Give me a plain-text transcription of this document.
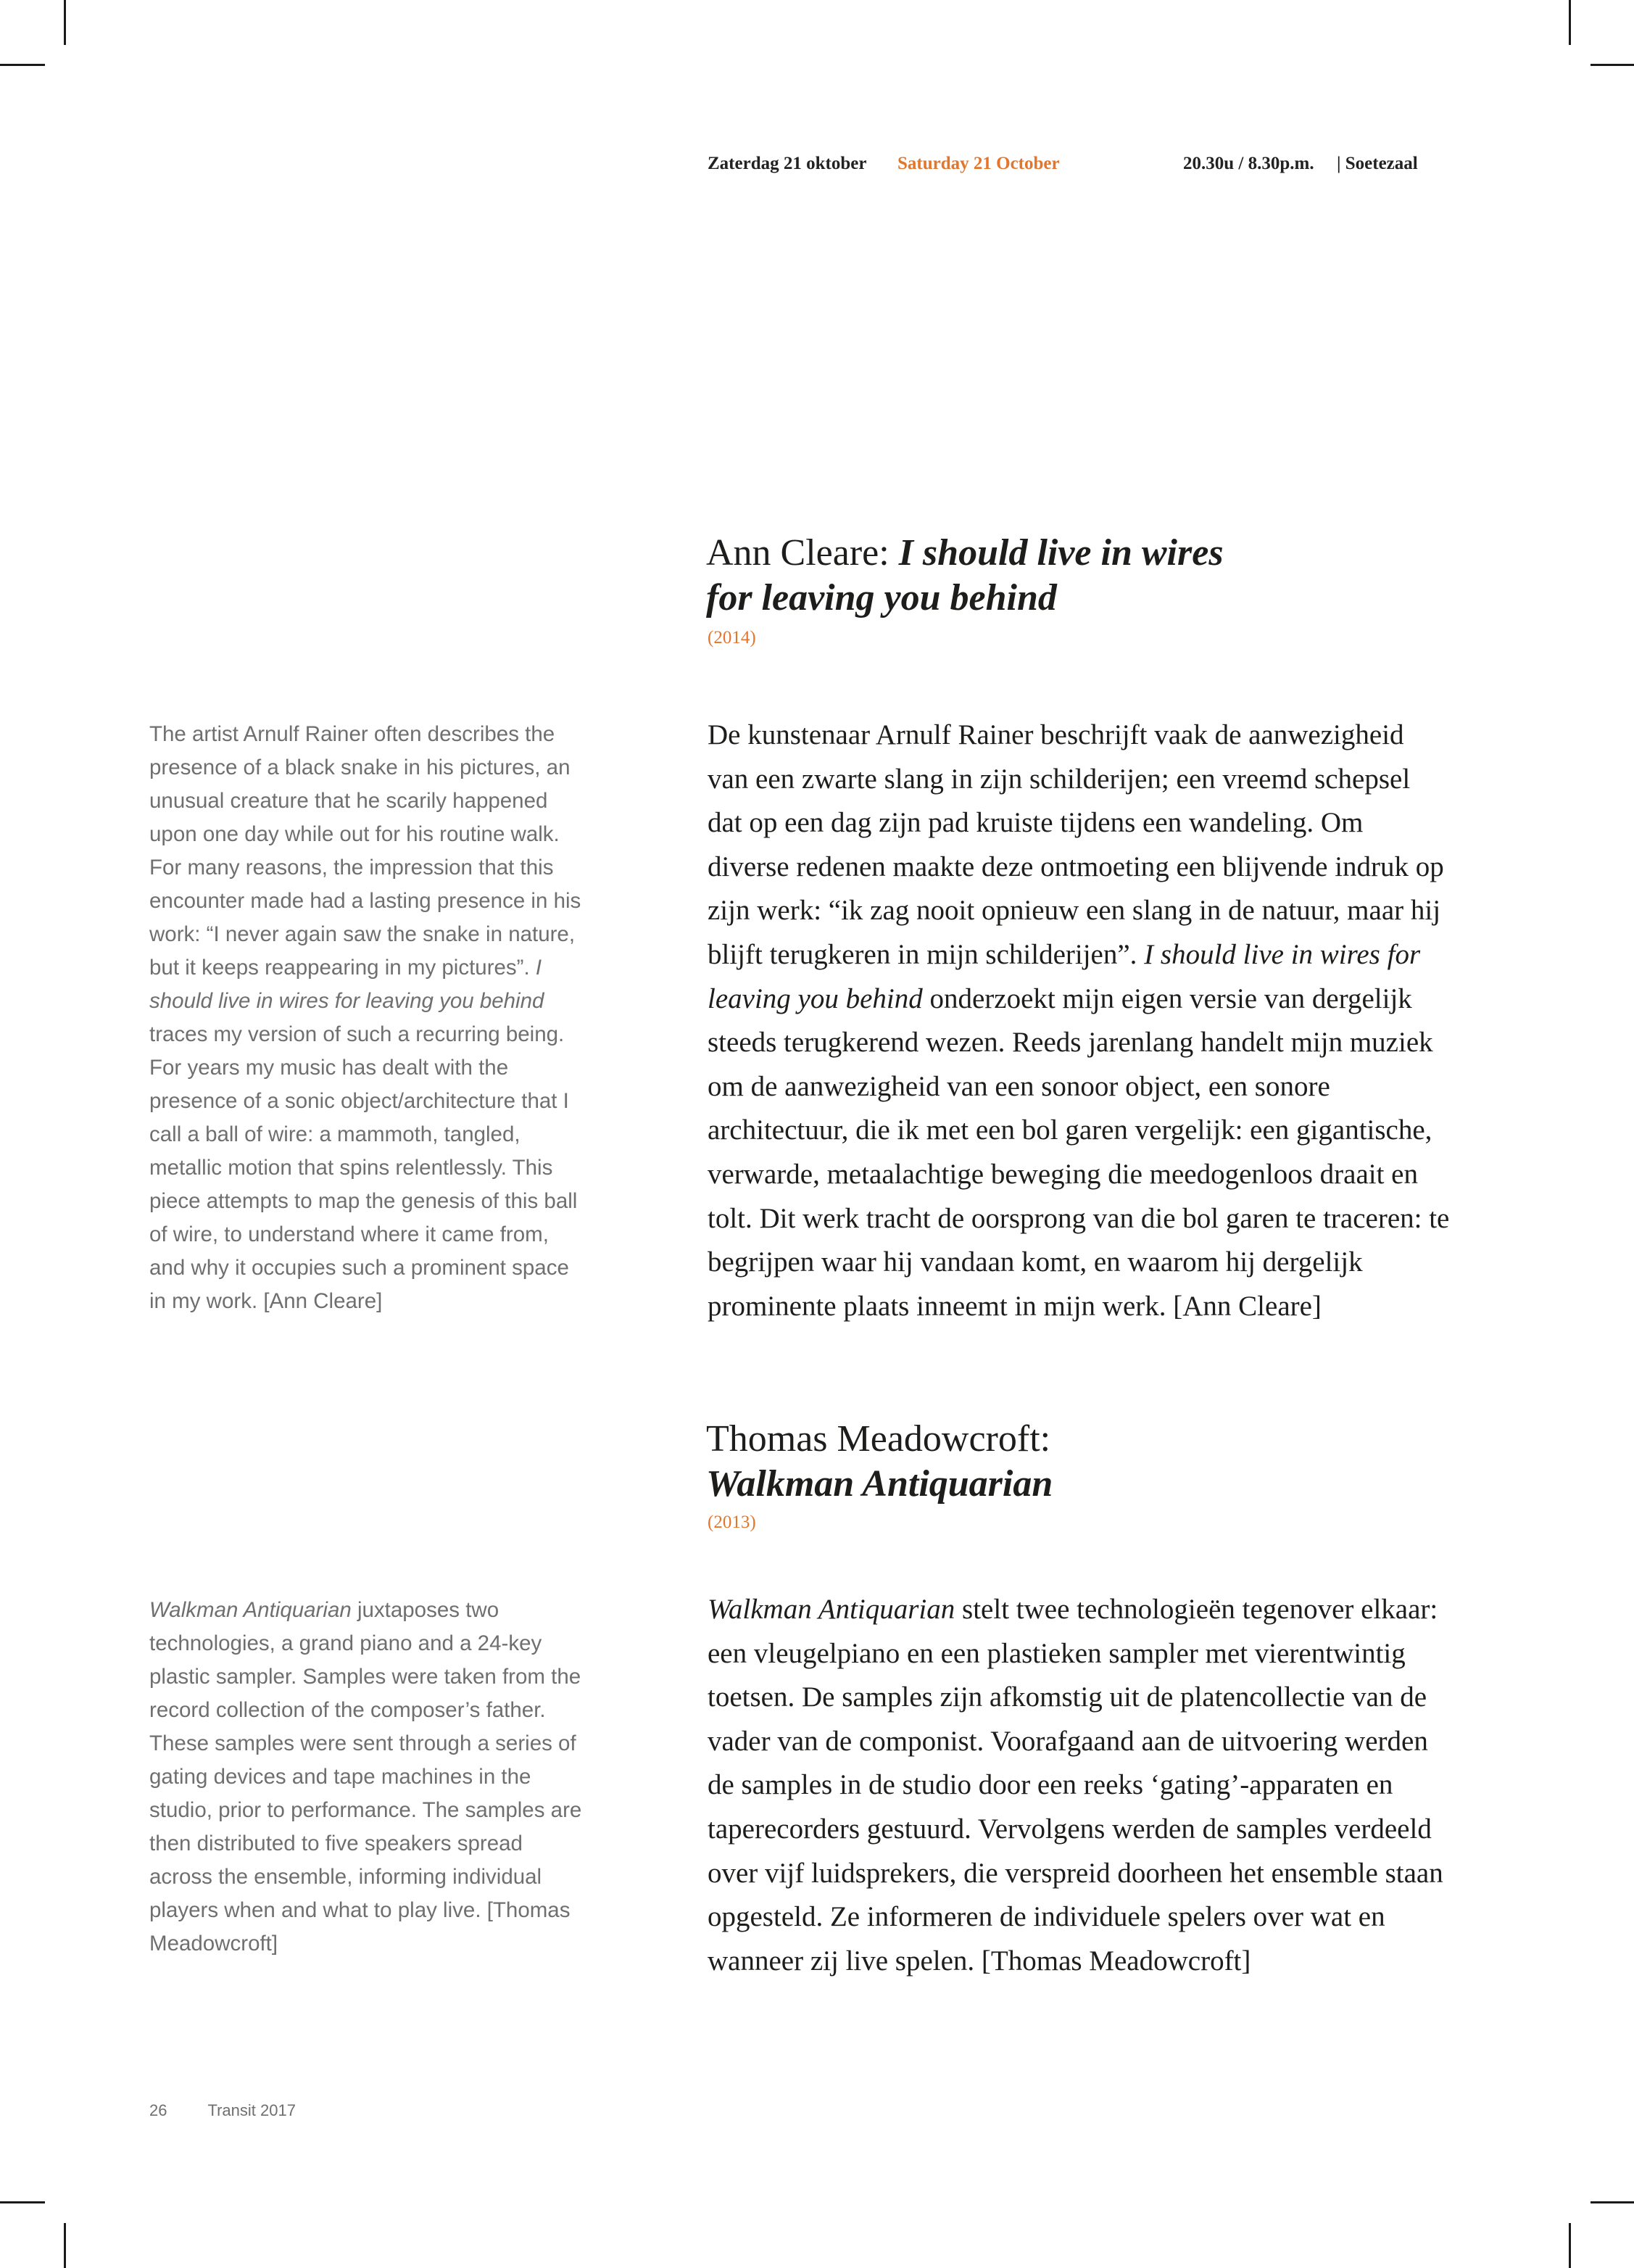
Zaterdag 21 oktober Saturday 21 October	20.30u / 8.30p.m. | Soetezaal
Ann Cleare: I should live in wires
for leaving you behind
(2014)
The artist Arnulf Rainer often describes the presence of a black snake in his pictures, an unusual creature that he scarily happened upon one day while out for his routine walk. For many reasons, the impression that this encounter made had a lasting presence in his work: “I never again saw the snake in nature, but it keeps reappearing in my pictures”. I should live in wires for leaving you behind traces my version of such a recurring being. For years my music has dealt with the presence of a sonic object/architecture that I call a ball of wire: a mammoth, tangled, metallic motion that spins relentlessly. This piece attempts to map the genesis of this ball of wire, to understand where it came from, and why it occupies such a prominent space in my work. [Ann Cleare]
De kunstenaar Arnulf Rainer beschrijft vaak de aanwezigheid van een zwarte slang in zijn schilderijen; een vreemd schepsel dat op een dag zijn pad kruiste tijdens een wandeling. Om diverse redenen maakte deze ontmoeting een blijvende indruk op zijn werk: “ik zag nooit opnieuw een slang in de natuur, maar hij blijft terugkeren in mijn schilderijen”. I should live in wires for leaving you behind onderzoekt mijn eigen versie van dergelijk steeds terugkerend wezen. Reeds jarenlang handelt mijn muziek om de aanwezigheid van een sonoor object, een sonore architectuur, die ik met een bol garen vergelijk: een gigantische, verwarde, metaalachtige beweging die meedogenloos draait en tolt. Dit werk tracht de oorsprong van die bol garen te traceren: te begrijpen waar hij vandaan komt, en waarom hij dergelijk prominente plaats inneemt in mijn werk. [Ann Cleare]
Thomas Meadowcroft:
Walkman Antiquarian
(2013)
Walkman Antiquarian juxtaposes two technologies, a grand piano and a 24-key plastic sampler. Samples were taken from the record collection of the composer’s father. These samples were sent through a series of gating devices and tape machines in the studio, prior to performance. The samples are then distributed to five speakers spread across the ensemble, informing individual players when and what to play live. [Thomas Meadowcroft]
Walkman Antiquarian stelt twee technologieën tegenover elkaar: een vleugelpiano en een plastieken sampler met vierentwintig toetsen. De samples zijn afkomstig uit de platencollectie van de vader van de componist. Voorafgaand aan de uitvoering werden de samples in de studio door een reeks ‘gating’-apparaten en taperecorders gestuurd. Vervolgens werden de samples verdeeld over vijf luidsprekers, die verspreid doorheen het ensemble staan opgesteld. Ze informeren de individuele spelers over wat en wanneer zij live spelen. [Thomas Meadowcroft]
26	Transit 2017
